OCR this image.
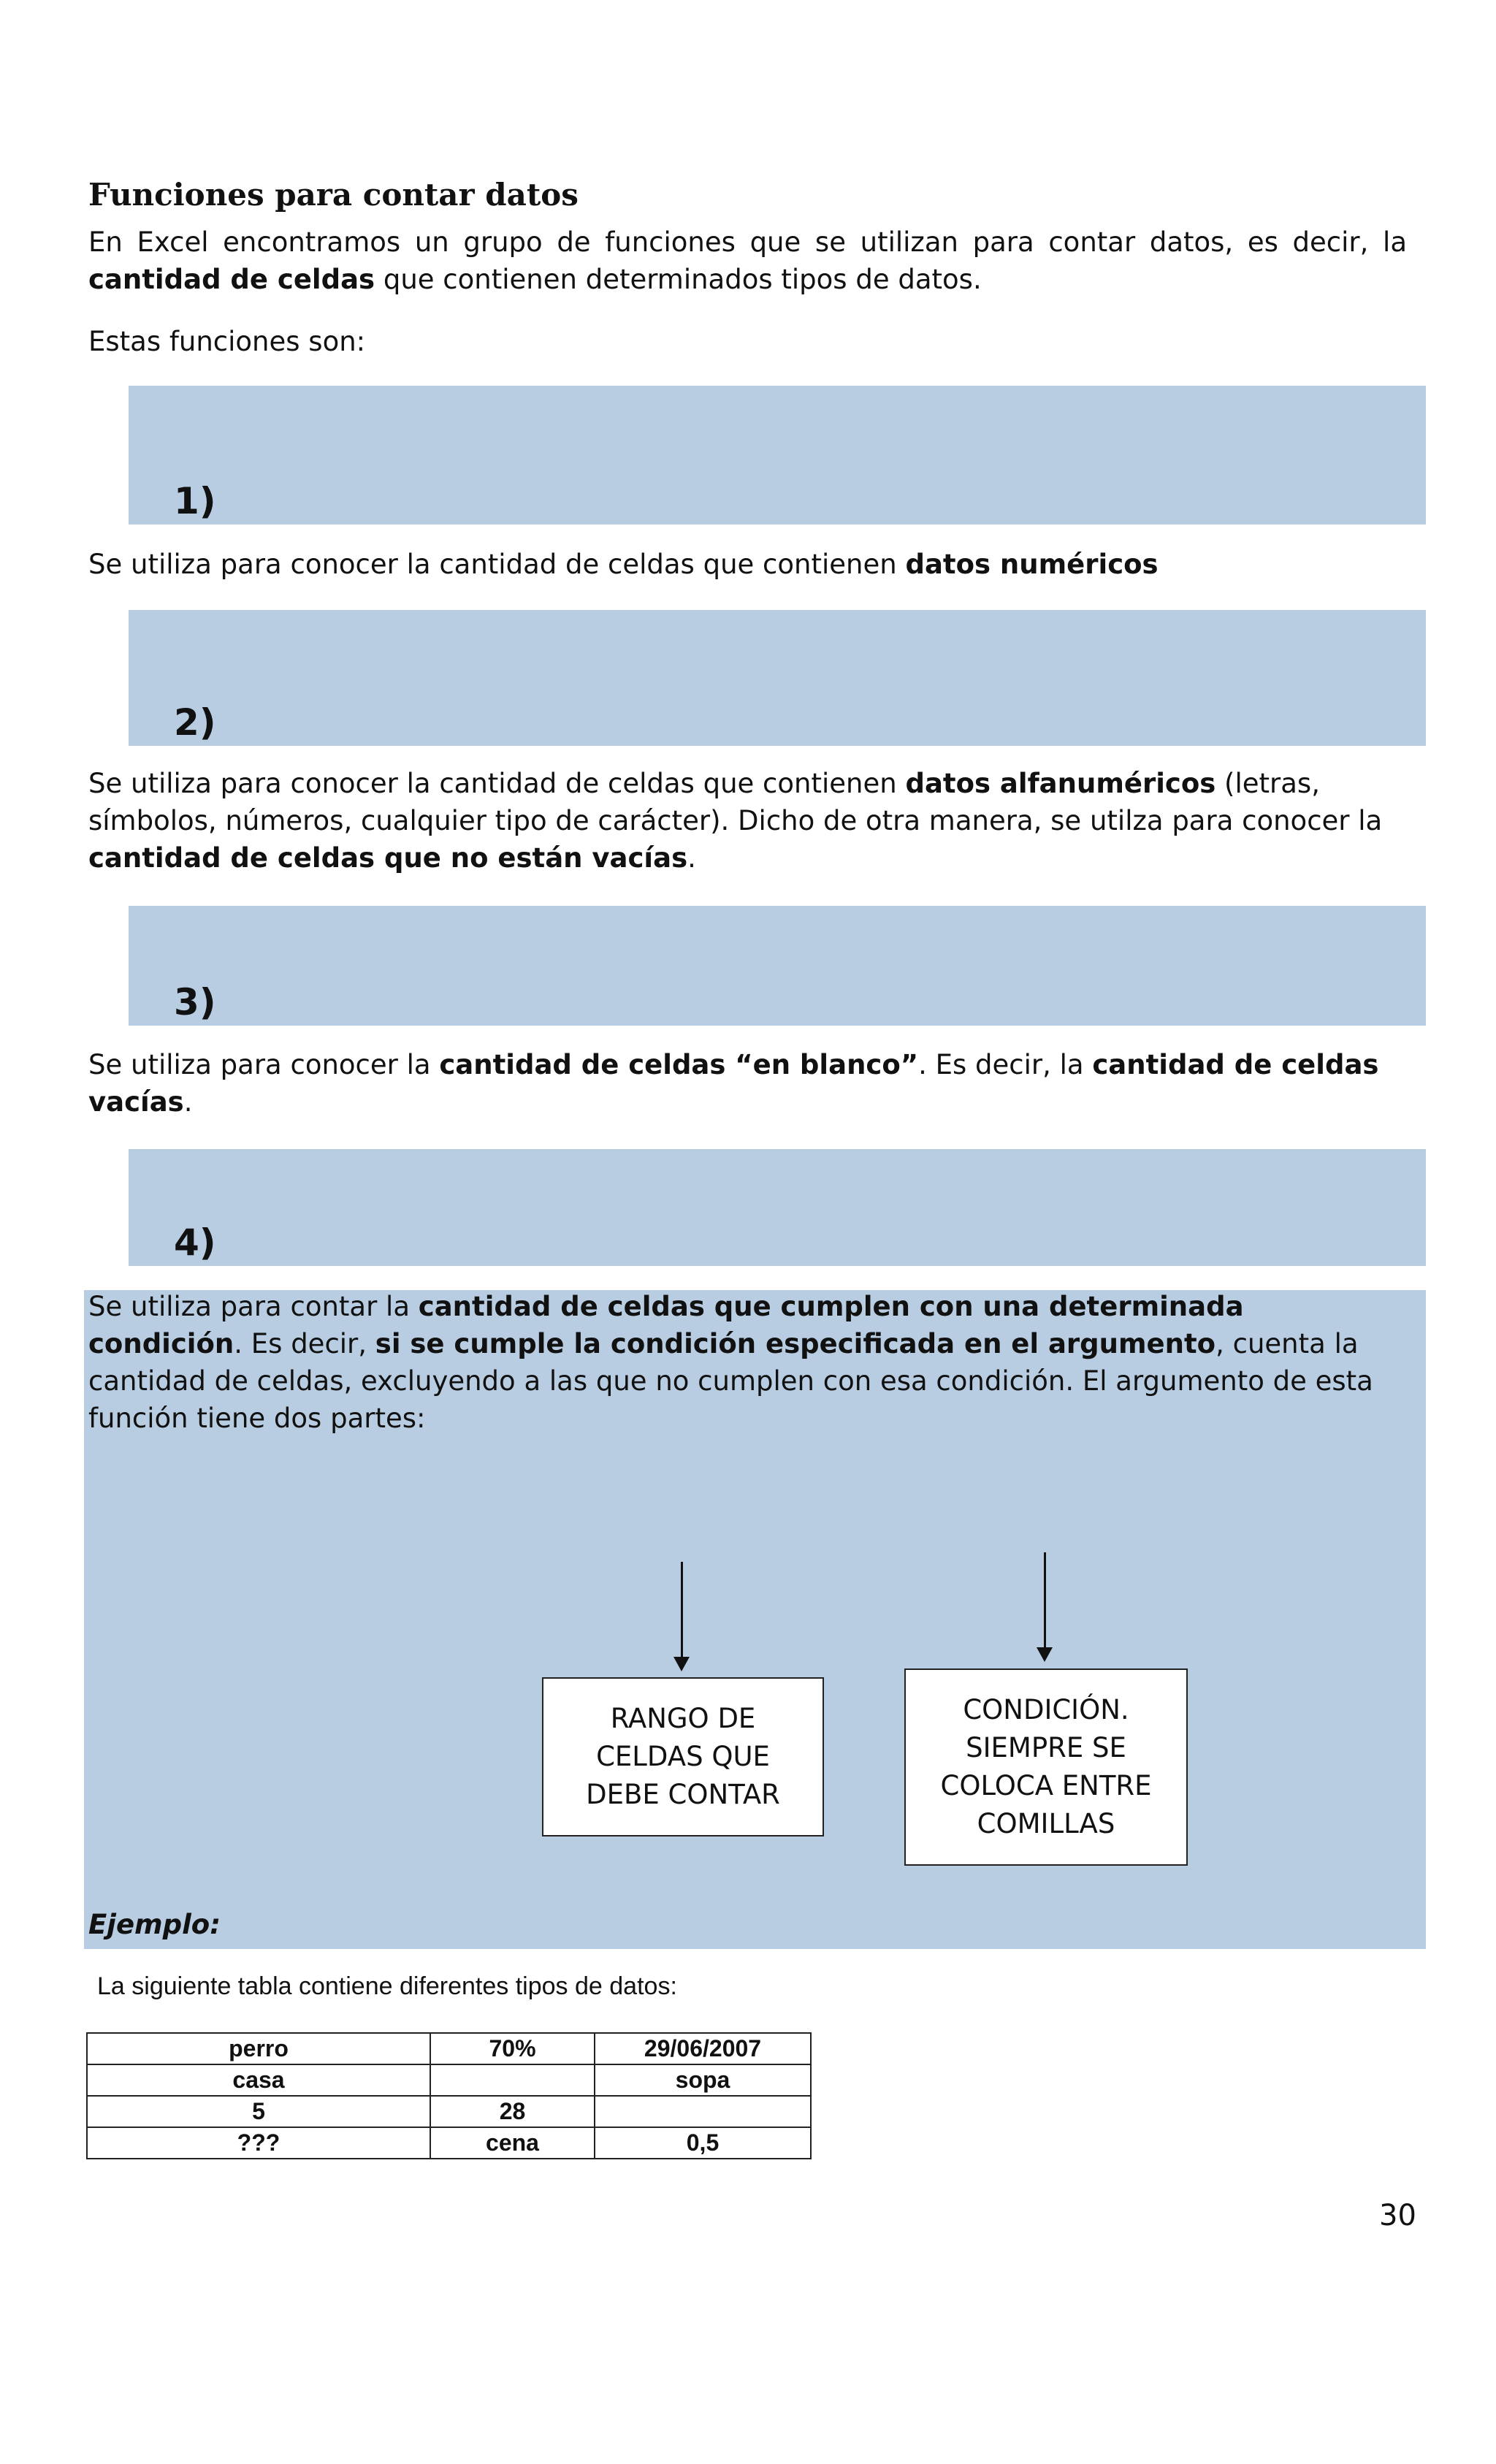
Funciones para contar datos

En Excel encontramos un grupo de funciones que se utilizan para contar datos, es decir, la
cantidad de celdas que contienen determinados tipos de datos.

Estas funciones son:

1)

Se utiliza para conocer la cantidad de celdas que contienen datos numéricos

2)

Se utiliza para conocer la cantidad de celdas que contienen datos alfanuméricos (letras, símbolos, números, cualquier tipo de carácter). Dicho de otra manera, se utilza para conocer la cantidad de celdas que no están vacías.

3)

Se utiliza para conocer la cantidad de celdas “en blanco”. Es decir, la cantidad de celdas vacías.

4)

Se utiliza para contar la cantidad de celdas que cumplen con una determinada condición. Es decir, si se cumple la condición especificada en el argumento, cuenta la cantidad de celdas, excluyendo a las que no cumplen con esa condición. El argumento de esta función tiene dos partes:

RANGO DE CELDAS QUE DEBE CONTAR
CONDICIÓN. SIEMPRE SE COLOCA ENTRE COMILLAS
Ejemplo:
La siguiente tabla contiene diferentes tipos de datos:
perro	70%	29/06/2007
casa		sopa
5	28	
???	cena	0,5
30
